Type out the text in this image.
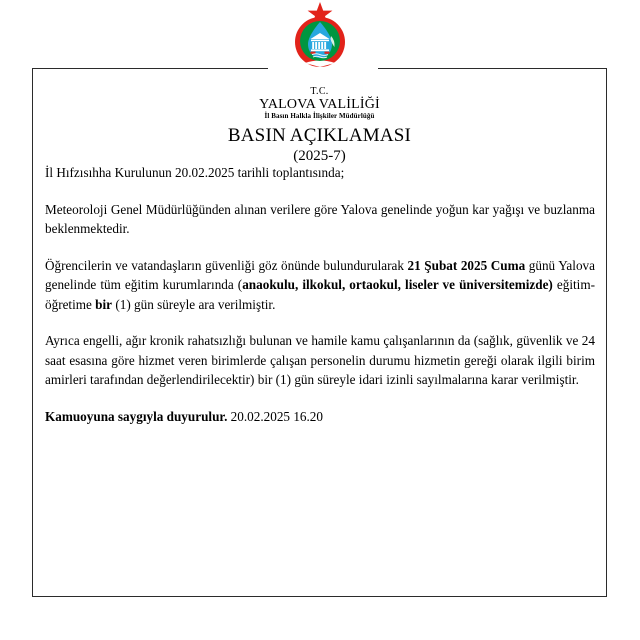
T.C.
YALOVA VALİLİĞİ
İl Basın Halkla İlişkiler Müdürlüğü
BASIN AÇIKLAMASI
(2025-7)

İl Hıfzısıhha Kurulunun 20.02.2025 tarihli toplantısında;

Meteoroloji Genel Müdürlüğünden alınan verilere göre Yalova genelinde yoğun kar yağışı ve buzlanma beklenmektedir.

Öğrencilerin ve vatandaşların güvenliği göz önünde bulundurularak 21 Şubat 2025 Cuma günü Yalova genelinde tüm eğitim kurumlarında (anaokulu, ilkokul, ortaokul, liseler ve üniversitemizde) eğitim-öğretime bir (1) gün süreyle ara verilmiştir.

Ayrıca engelli, ağır kronik rahatsızlığı bulunan ve hamile kamu çalışanlarının da (sağlık, güvenlik ve 24 saat esasına göre hizmet veren birimlerde çalışan personelin durumu hizmetin gereği olarak ilgili birim amirleri tarafından değerlendirilecektir) bir (1) gün süreyle idari izinli sayılmalarına karar verilmiştir.

Kamuoyuna saygıyla duyurulur. 20.02.2025 16.20
